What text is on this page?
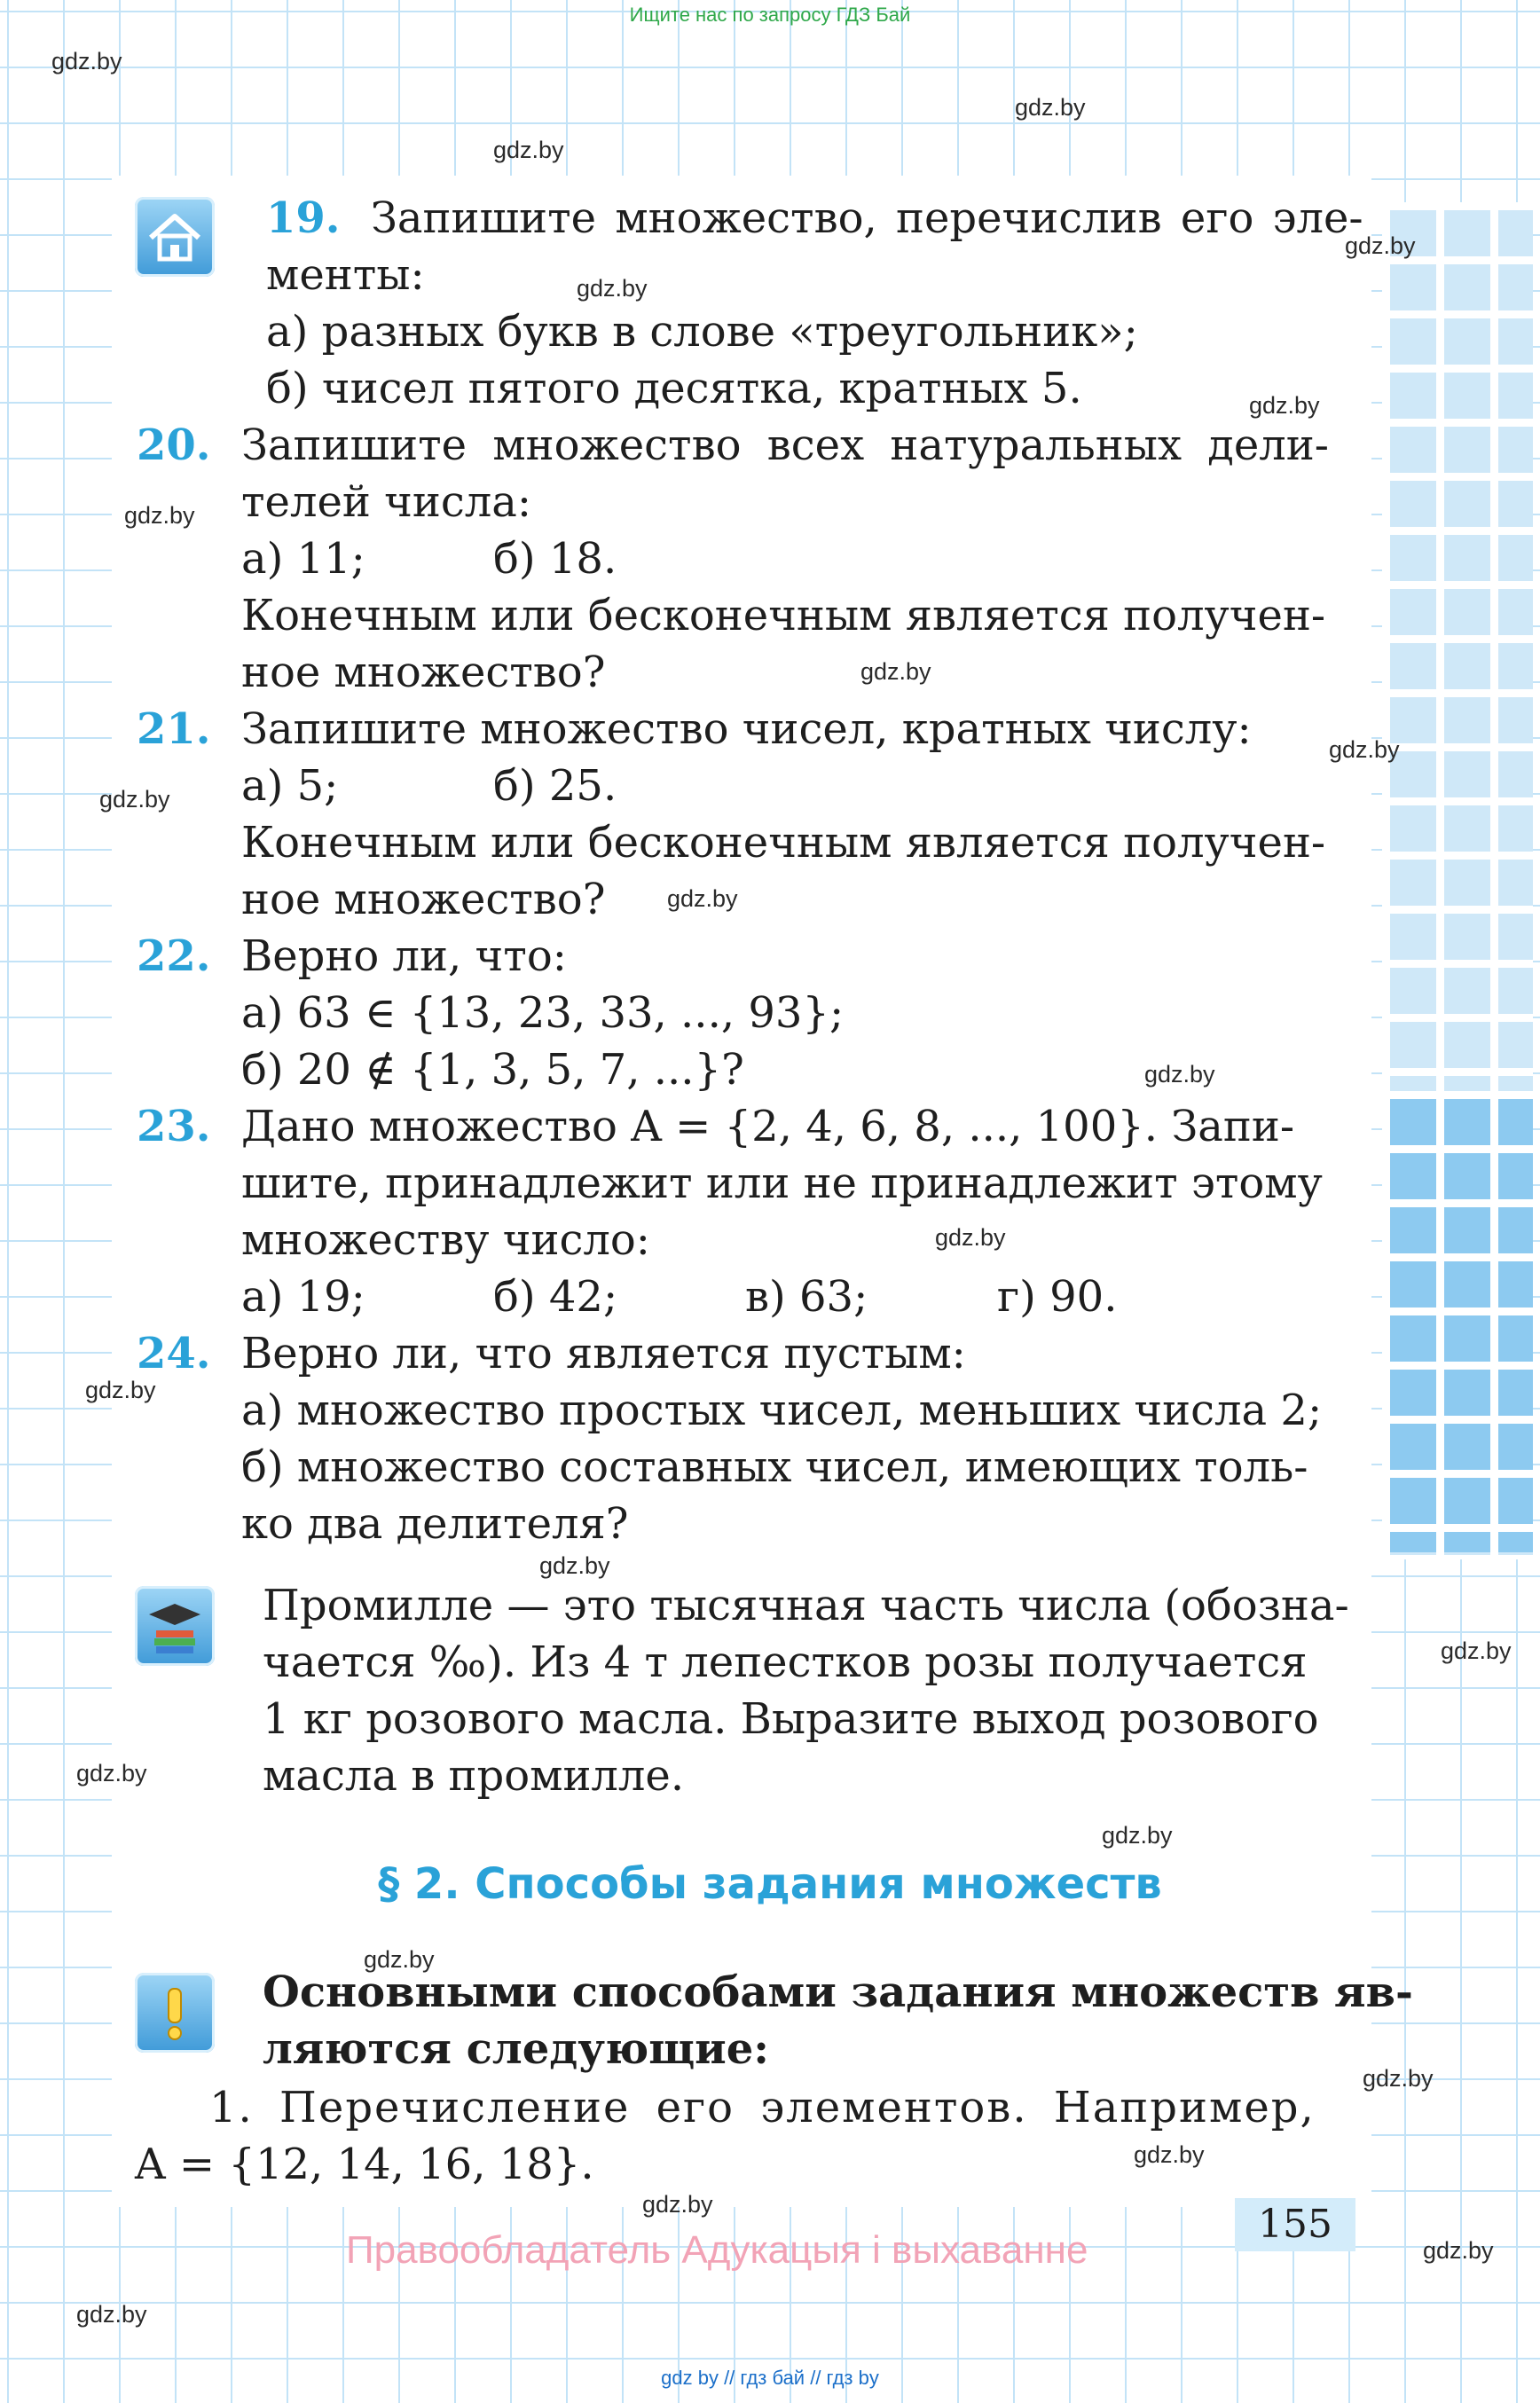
Ищите нас по запросу ГДЗ Бай
19. Запишите множество, перечислив его эле-
менты:
а) разных букв в слове «треугольник»;
б) чисел пятого десятка, кратных 5.
20. Запишите множество всех натуральных дели-
телей числа:
а) 11;	б) 18.
Конечным или бесконечным является получен-
ное множество?
21. Запишите множество чисел, кратных числу:
а) 5;	б) 25.
Конечным или бесконечным является получен-
ное множество?
22. Верно ли, что:
а) 63 ∈ {13, 23, 33, ..., 93};
б) 20 ∉ {1, 3, 5, 7, ...}?
23. Дано множество A = {2, 4, 6, 8, ..., 100}. Запи-
шите, принадлежит или не принадлежит этому
множеству число:
а) 19;	б) 42;	в) 63;	г) 90.
24. Верно ли, что является пустым:
а) множество простых чисел, меньших числа 2;
б) множество составных чисел, имеющих толь-
ко два делителя?
Промилле — это тысячная часть числа (обозна-
чается ‰). Из 4 т лепестков розы получается
1 кг розового масла. Выразите выход розового
масла в промилле.
§ 2. Способы задания множеств
Основными способами задания множеств яв-
ляются следующие:
1. Перечисление его элементов. Например,
A = {12, 14, 16, 18}.
155
Правообладатель Адукацыя і выхаванне
gdz.by
gdz.by
gdz.by
gdz.by
gdz.by
gdz.by
gdz.by
gdz.by
gdz.by
gdz.by
gdz.by
gdz.by
gdz.by
gdz.by
gdz.by
gdz.by
gdz.by
gdz.by
gdz.by
gdz.by
gdz.by
gdz.by
gdz.by
gdz.by
gdz by // гдз бай // гдз by
